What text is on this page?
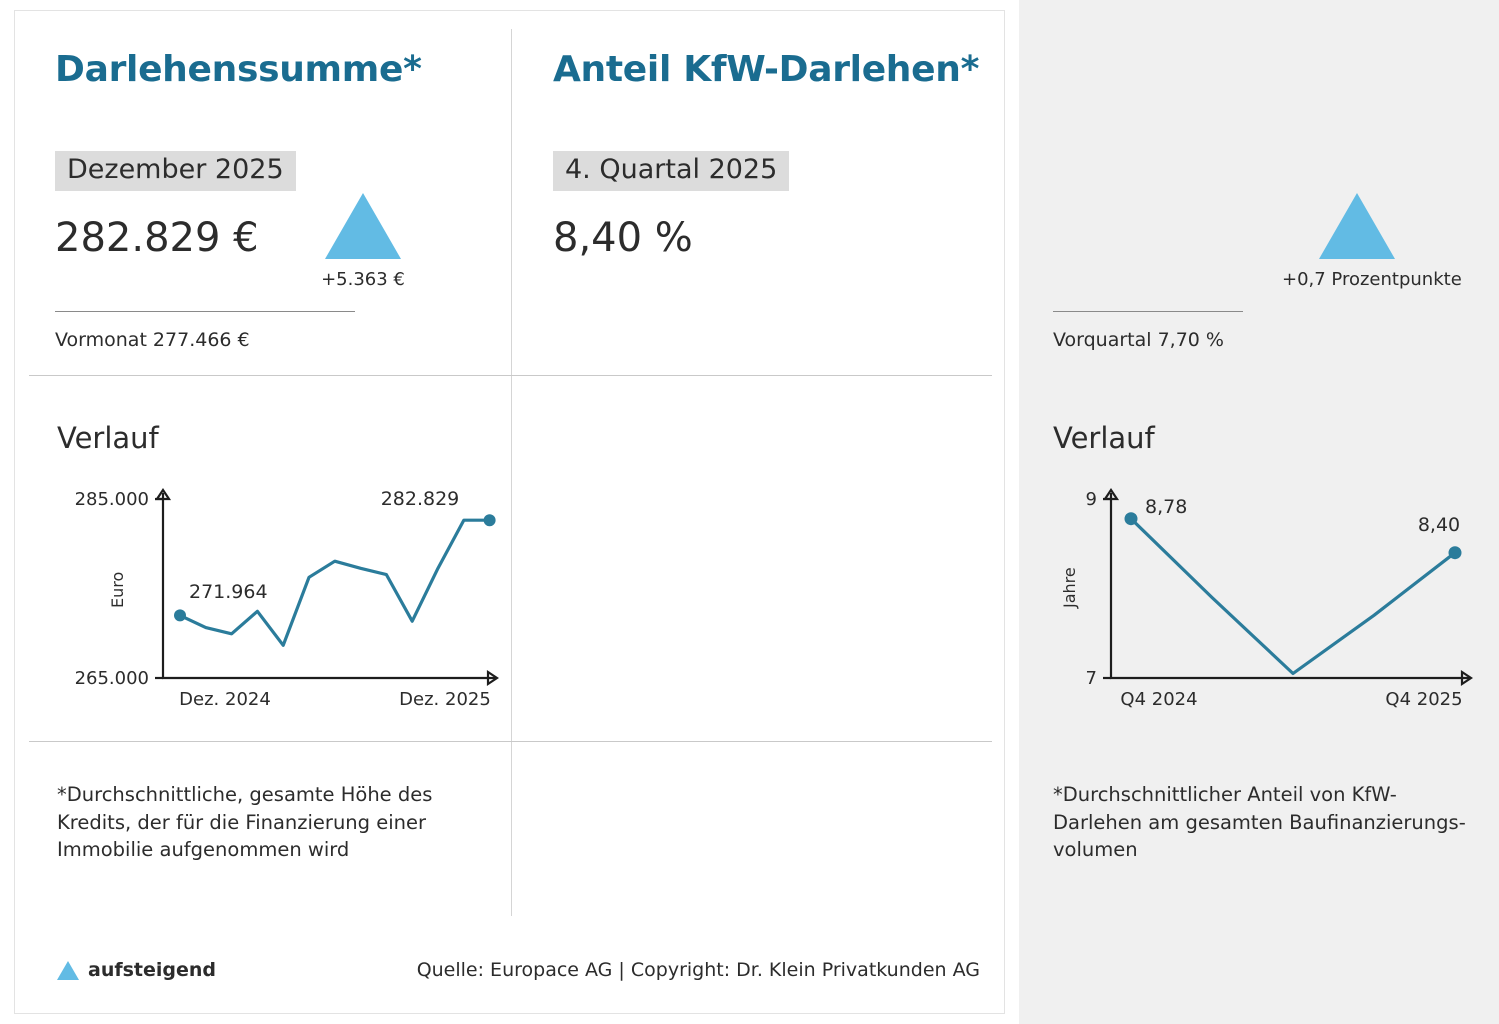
Darlehenssumme*
Dezember 2025
282.829 €
+5.363 €
Vormonat 277.466 €
Verlauf
285.000
265.000
Euro
Dez. 2024	Dez. 2025
271.964
282.829
*Durchschnittliche, gesamte Höhe des Kredits, der für die Finanzierung einer Immobilie aufgenommen wird
Anteil KfW-Darlehen*
4. Quartal 2025
8,40 %
+0,7 Prozentpunkte
Vorquartal 7,70 %
Verlauf
9
7
Jahre
Q4 2024	Q4 2025
8,78
8,40
*Durchschnittlicher Anteil von KfW-Darlehen am gesamten Baufinanzierungs-volumen
aufsteigend	Quelle: Europace AG | Copyright: Dr. Klein Privatkunden AG
